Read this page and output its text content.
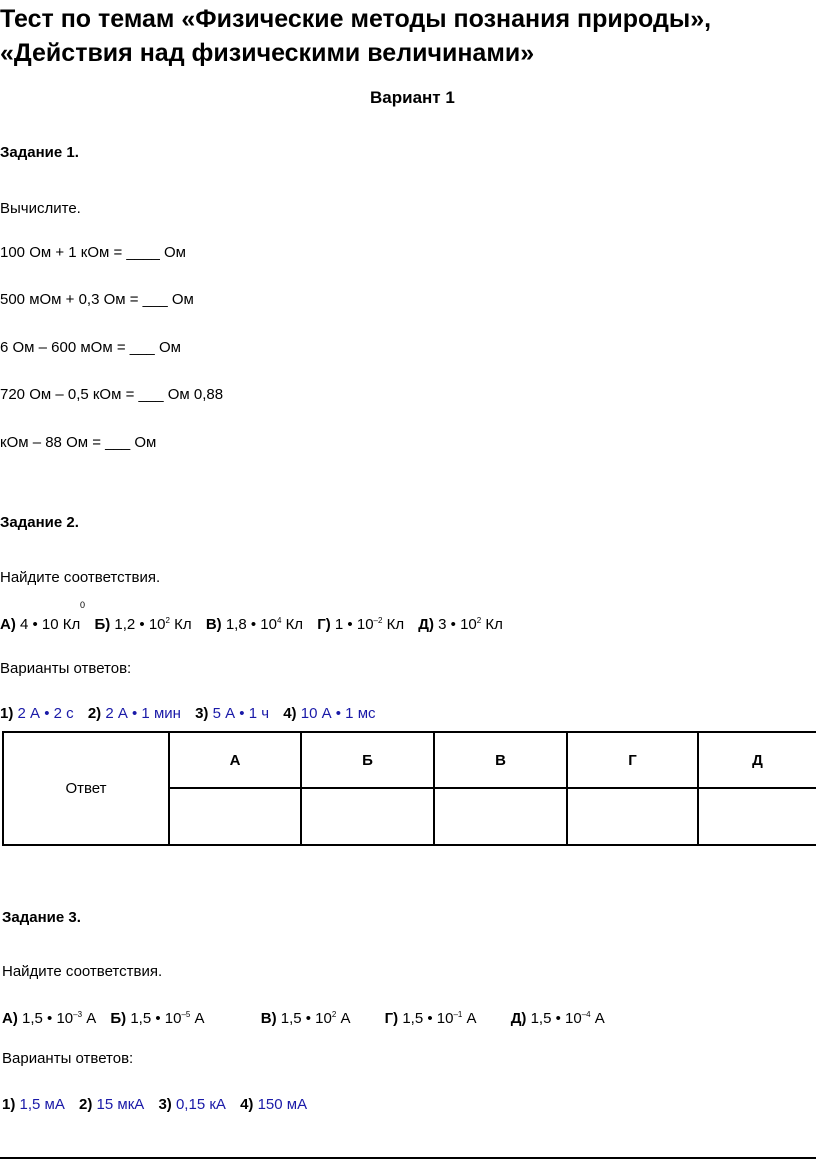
Тест по темам «Физические методы познания природы»,
«Действия над физическими величинами»
Вариант 1
Задание 1.
Вычислите.
100 Ом + 1 кОм = ____ Ом
500 мОм + 0,3 Ом = ___ Ом
6 Ом – 600 мОм = ___ Ом
720 Ом – 0,5 кОм = ___ Ом 0,88
кОм – 88 Ом = ___ Ом
Задание 2.
Найдите соответствия.
0
А) 4 • 10 Кл Б) 1,2 • $10^2$ Кл В) 1,8 • $10^4$ Кл Г) 1 • $10^{-2}$ Кл Д) 3 • $10^2$ Кл
Варианты ответов:
1) 2 А • 2 с 2) 2 А • 1 мин 3) 5 А • 1 ч 4) 10 А • 1 мс
Ответ	А	Б	В	Г	Д

Задание 3.
Найдите соответствия.
А) 1,5 • $10^{-3}$ А Б) 1,5 • $10^{-5}$ А	В) 1,5 • $10^2$ А Г) 1,5 • $10^{-1}$ А Д) 1,5 • $10^{-4}$ А
Варианты ответов:
1) 1,5 мА 2) 15 мкА 3) 0,15 кА 4) 150 мА
